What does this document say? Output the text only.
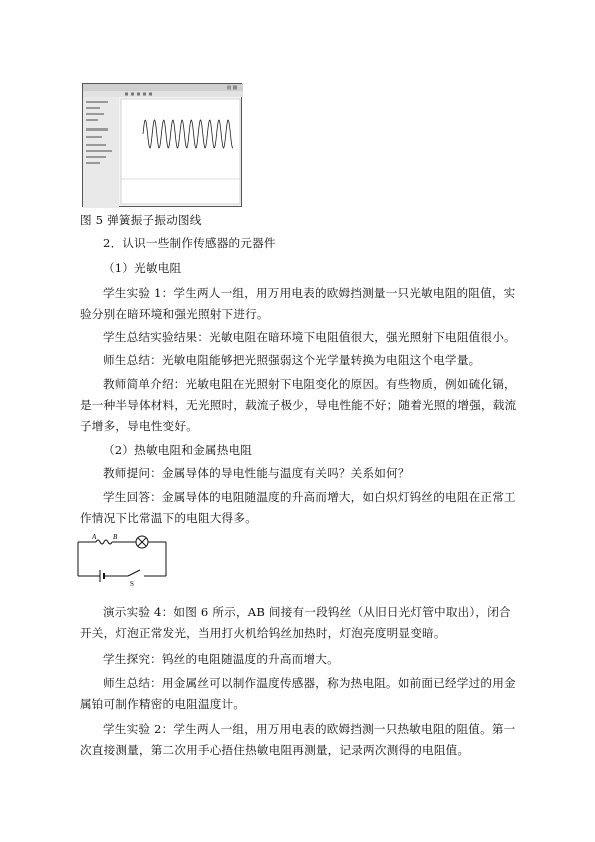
图 5 弹簧振子振动图线
2．认识一些制作传感器的元器件
（1）光敏电阻
学生实验 1：学生两人一组，用万用电表的欧姆挡测量一只光敏电阻的阻值，实验分别在暗环境和强光照射下进行。
学生总结实验结果：光敏电阻在暗环境下电阻值很大，强光照射下电阻值很小。
师生总结：光敏电阻能够把光照强弱这个光学量转换为电阻这个电学量。
教师简单介绍：光敏电阻在光照射下电阻变化的原因。有些物质，例如硫化镉，是一种半导体材料，无光照时，载流子极少，导电性能不好；随着光照的增强，载流子增多，导电性变好。
（2）热敏电阻和金属热电阻
教师提问：金属导体的导电性能与温度有关吗？关系如何？
学生回答：金属导体的电阻随温度的升高而增大，如白炽灯钨丝的电阻在正常工作情况下比常温下的电阻大得多。
A B
S
演示实验 4：如图 6 所示，AB 间接有一段钨丝（从旧日光灯管中取出），闭合开关，灯泡正常发光，当用打火机给钨丝加热时，灯泡亮度明显变暗。
学生探究：钨丝的电阻随温度的升高而增大。
师生总结：用金属丝可以制作温度传感器，称为热电阻。如前面已经学过的用金属铂可制作精密的电阻温度计。
学生实验 2：学生两人一组，用万用电表的欧姆挡测一只热敏电阻的阻值。第一次直接测量，第二次用手心捂住热敏电阻再测量，记录两次测得的电阻值。
